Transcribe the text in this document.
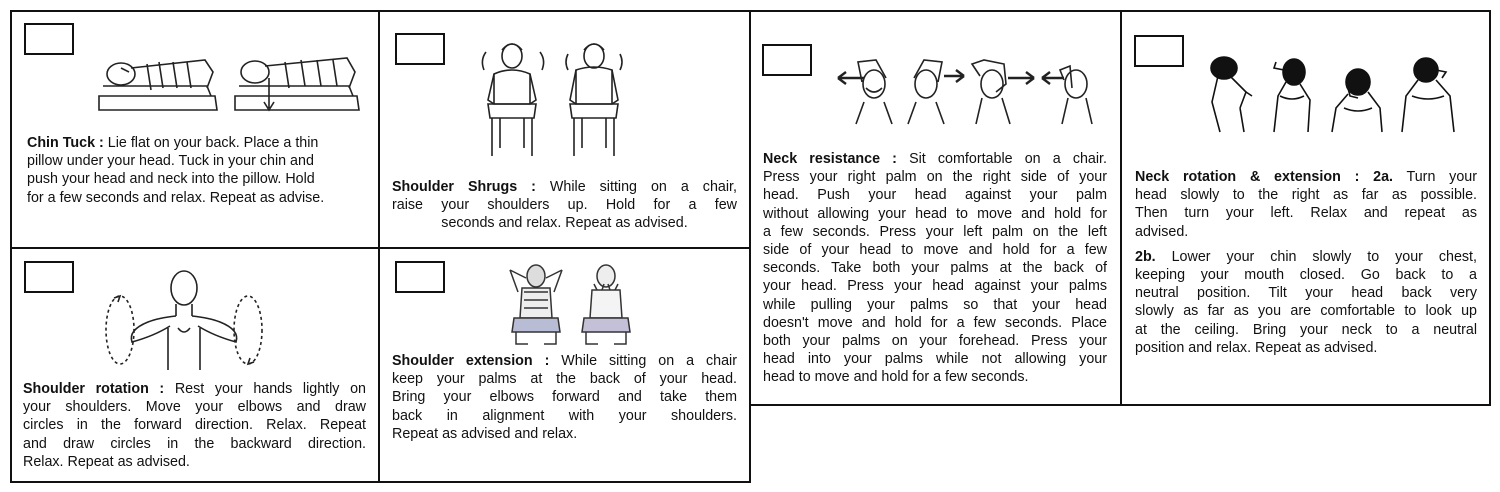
Chin Tuck : Lie flat on your back. Place a thin
pillow under your head. Tuck in your chin and
push your head and neck into the pillow. Hold
for a few seconds and relax. Repeat as advise.
Shoulder rotation : Rest your hands lightly on
your shoulders. Move your elbows and draw
circles in the forward direction. Relax. Repeat
and draw circles in the backward direction.
Relax. Repeat as advised.
Shoulder Shrugs : While sitting on a chair,
raise your shoulders up. Hold for a few
seconds and relax. Repeat as advised.
Shoulder extension : While sitting on a chair
keep your palms at the back of your head.
Bring your elbows forward and take them
back in alignment with your shoulders.
Repeat as advised and relax.
Neck resistance : Sit comfortable on a chair.
Press your right palm on the right side of your
head. Push your head against your palm
without allowing your head to move and hold for
a few seconds. Press your left palm on the left
side of your head to move and hold for a few
seconds. Take both your palms at the back of
your head. Press your head against your palms
while pulling your palms so that your head
doesn't move and hold for a few seconds. Place
both your palms on your forehead. Press your
head into your palms while not allowing your
head to move and hold for a few seconds.
Neck rotation & extension : 2a. Turn your
head slowly to the right as far as possible.
Then turn your left. Relax and repeat as
advised.
2b. Lower your chin slowly to your chest,
keeping your mouth closed. Go back to a
neutral position. Tilt your head back very
slowly as far as you are comfortable to look up
at the ceiling. Bring your neck to a neutral
position and relax. Repeat as advised.
